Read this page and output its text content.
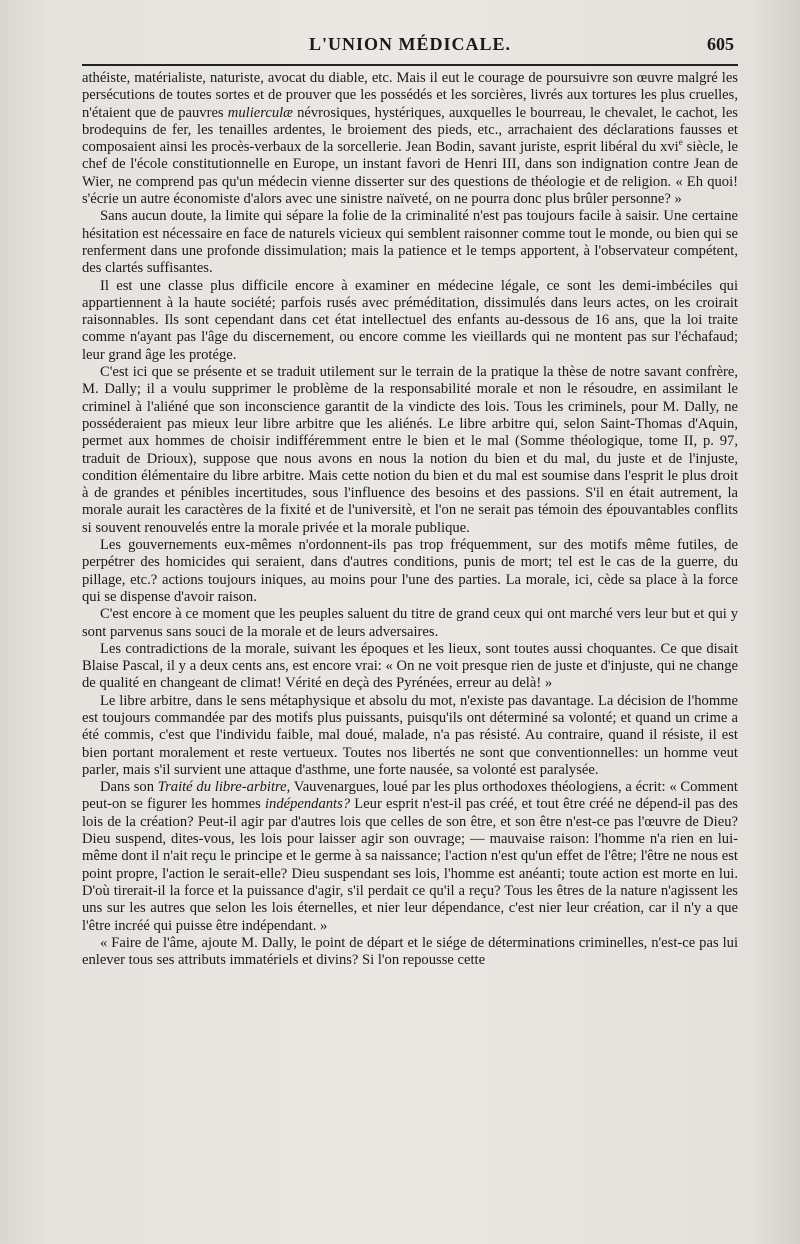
L'UNION MÉDICALE.	605

athéiste, matérialiste, naturiste, avocat du diable, etc. Mais il eut le courage de poursuivre son œuvre malgré les persécutions de toutes sortes et de prouver que les possédés et les sorcières, livrés aux tortures les plus cruelles, n'étaient que de pauvres mulierculæ névrosiques, hystériques, auxquelles le bourreau, le chevalet, le cachot, les brodequins de fer, les tenailles ardentes, le broiement des pieds, etc., arrachaient des déclarations fausses et composaient ainsi les procès-verbaux de la sorcellerie. Jean Bodin, savant juriste, esprit libéral du xvi$^e$ siècle, le chef de l'école constitutionnelle en Europe, un instant favori de Henri III, dans son indignation contre Jean de Wier, ne comprend pas qu'un médecin vienne disserter sur des questions de théologie et de religion. « Eh quoi! s'écrie un autre économiste d'alors avec une sinistre naïveté, on ne pourra donc plus brûler personne? »

Sans aucun doute, la limite qui sépare la folie de la criminalité n'est pas toujours facile à saisir. Une certaine hésitation est nécessaire en face de naturels vicieux qui semblent raisonner comme tout le monde, ou bien qui se renferment dans une profonde dissimulation; mais la patience et le temps apportent, à l'observateur compétent, des clartés suffisantes.

Il est une classe plus difficile encore à examiner en médecine légale, ce sont les demi-imbéciles qui appartiennent à la haute société; parfois rusés avec préméditation, dissimulés dans leurs actes, on les croirait raisonnables. Ils sont cependant dans cet état intellectuel des enfants au-dessous de 16 ans, que la loi traite comme n'ayant pas l'âge du discernement, ou encore comme les vieillards qui ne montent pas sur l'échafaud; leur grand âge les protége.

C'est ici que se présente et se traduit utilement sur le terrain de la pratique la thèse de notre savant confrère, M. Dally; il a voulu supprimer le problème de la responsabilité morale et non le résoudre, en assimilant le criminel à l'aliéné que son inconscience garantit de la vindicte des lois. Tous les criminels, pour M. Dally, ne posséderaient pas mieux leur libre arbitre que les aliénés. Le libre arbitre qui, selon Saint-Thomas d'Aquin, permet aux hommes de choisir indifféremment entre le bien et le mal (Somme théologique, tome II, p. 97, traduit de Drioux), suppose que nous avons en nous la notion du bien et du mal, du juste et de l'injuste, condition élémentaire du libre arbitre. Mais cette notion du bien et du mal est soumise dans l'esprit le plus droit à de grandes et pénibles incertitudes, sous l'influence des besoins et des passions. S'il en était autrement, la morale aurait les caractères de la fixité et de l'universitè, et l'on ne serait pas témoin des épouvantables conflits si souvent renouvelés entre la morale privée et la morale publique.

Les gouvernements eux-mêmes n'ordonnent-ils pas trop fréquemment, sur des motifs même futiles, de perpétrer des homicides qui seraient, dans d'autres conditions, punis de mort; tel est le cas de la guerre, du pillage, etc.? actions toujours iniques, au moins pour l'une des parties. La morale, ici, cède sa place à la force qui se dispense d'avoir raison.

C'est encore à ce moment que les peuples saluent du titre de grand ceux qui ont marché vers leur but et qui y sont parvenus sans souci de la morale et de leurs adversaires.

Les contradictions de la morale, suivant les époques et les lieux, sont toutes aussi choquantes. Ce que disait Blaise Pascal, il y a deux cents ans, est encore vrai: « On ne voit presque rien de juste et d'injuste, qui ne change de qualité en changeant de climat! Vérité en deçà des Pyrénées, erreur au delà! »

Le libre arbitre, dans le sens métaphysique et absolu du mot, n'existe pas davantage. La décision de l'homme est toujours commandée par des motifs plus puissants, puisqu'ils ont déterminé sa volonté; et quand un crime a été commis, c'est que l'individu faible, mal doué, malade, n'a pas résisté. Au contraire, quand il résiste, il est bien portant moralement et reste vertueux. Toutes nos libertés ne sont que conventionnelles: un homme veut parler, mais s'il survient une attaque d'asthme, une forte nausée, sa volonté est paralysée.

Dans son Traité du libre-arbitre, Vauvenargues, loué par les plus orthodoxes théologiens, a écrit: « Comment peut-on se figurer les hommes indépendants? Leur esprit n'est-il pas créé, et tout être créé ne dépend-il pas des lois de la création? Peut-il agir par d'autres lois que celles de son être, et son être n'est-ce pas l'œuvre de Dieu? Dieu suspend, dites-vous, les lois pour laisser agir son ouvrage; — mauvaise raison: l'homme n'a rien en lui-même dont il n'ait reçu le principe et le germe à sa naissance; l'action n'est qu'un effet de l'être; l'être ne nous est point propre, l'action le serait-elle? Dieu suspendant ses lois, l'homme est anéanti; toute action est morte en lui. D'où tirerait-il la force et la puissance d'agir, s'il perdait ce qu'il a reçu? Tous les êtres de la nature n'agissent les uns sur les autres que selon les lois éternelles, et nier leur dépendance, c'est nier leur création, car il n'y a que l'être incréé qui puisse être indépendant. »

« Faire de l'âme, ajoute M. Dally, le point de départ et le siége de déterminations criminelles, n'est-ce pas lui enlever tous ses attributs immatériels et divins? Si l'on repousse cette
